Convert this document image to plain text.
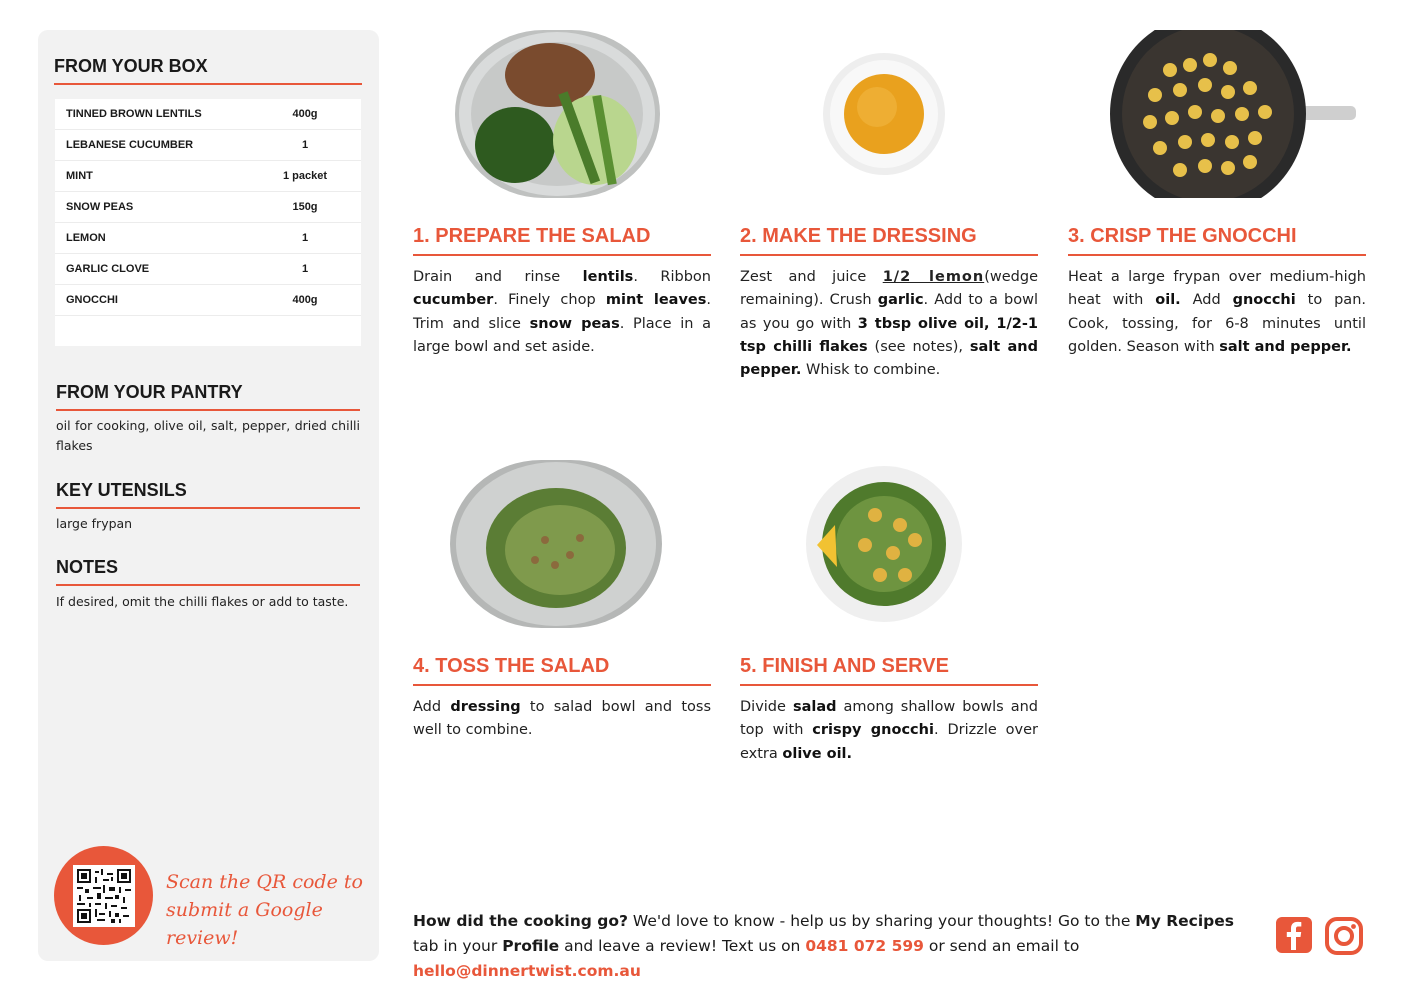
FROM YOUR BOX
TINNED BROWN LENTILS	400g
LEBANESE CUCUMBER	1
MINT	1 packet
SNOW PEAS	150g
LEMON	1
GARLIC CLOVE	1
GNOCCHI	400g
FROM YOUR PANTRY
oil for cooking, olive oil, salt, pepper, dried chilli flakes
KEY UTENSILS
large frypan
NOTES
If desired, omit the chilli flakes or add to taste.
Scan the QR code to
submit a Google review!
1. PREPARE THE SALAD
Drain and rinse lentils. Ribbon cucumber. Finely chop mint leaves. Trim and slice snow peas. Place in a large bowl and set aside.
2. MAKE THE DRESSING
Zest and juice 1/2 lemon(wedge remaining). Crush garlic. Add to a bowl as you go with 3 tbsp olive oil, 1/2-1 tsp chilli flakes (see notes), salt and pepper. Whisk to combine.
3. CRISP THE GNOCCHI
Heat a large frypan over medium-high heat with oil. Add gnocchi to pan. Cook, tossing, for 6-8 minutes until golden. Season with salt and pepper.
4. TOSS THE SALAD
Add dressing to salad bowl and toss well to combine.
5. FINISH AND SERVE
Divide salad among shallow bowls and top with crispy gnocchi. Drizzle over extra olive oil.
How did the cooking go? We'd love to know - help us by sharing your thoughts! Go to the My Recipes tab in your Profile and leave a review! Text us on 0481 072 599 or send an email to hello@dinnertwist.com.au
